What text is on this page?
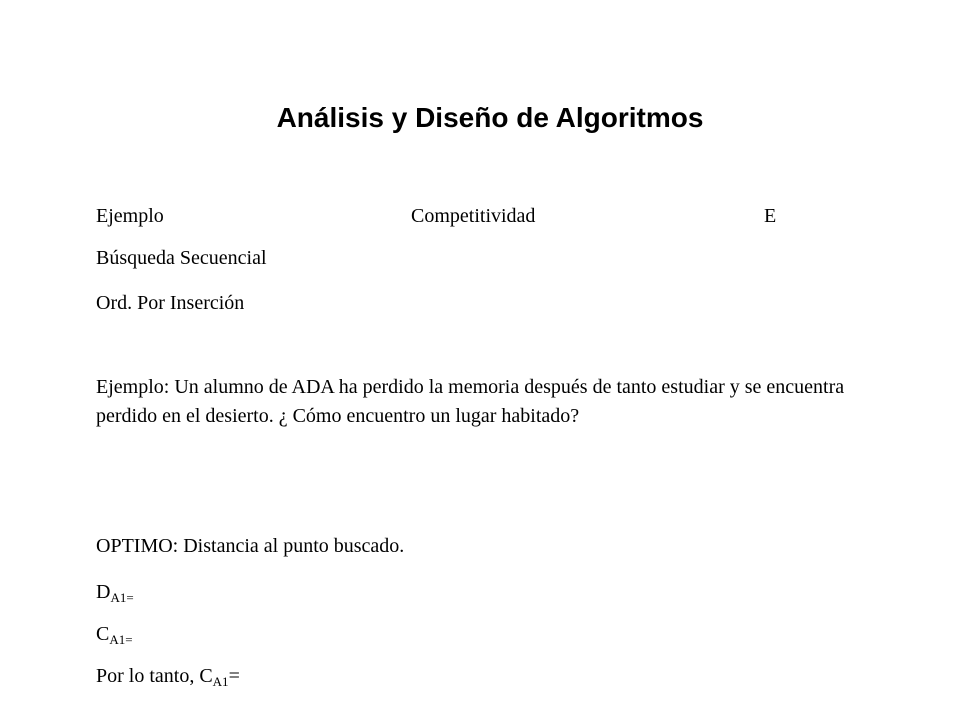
Análisis y Diseño de Algoritmos
Ejemplo	Competitividad	E
Búsqueda Secuencial
Ord. Por Inserción
Ejemplo: Un alumno de ADA ha perdido la memoria después de tanto estudiar y se encuentra perdido en el desierto. ¿ Cómo encuentro un lugar habitado?
OPTIMO: Distancia al punto buscado.
$D_{A1=}$
$C_{A1=}$
Por lo tanto, $C_{A1}=$
